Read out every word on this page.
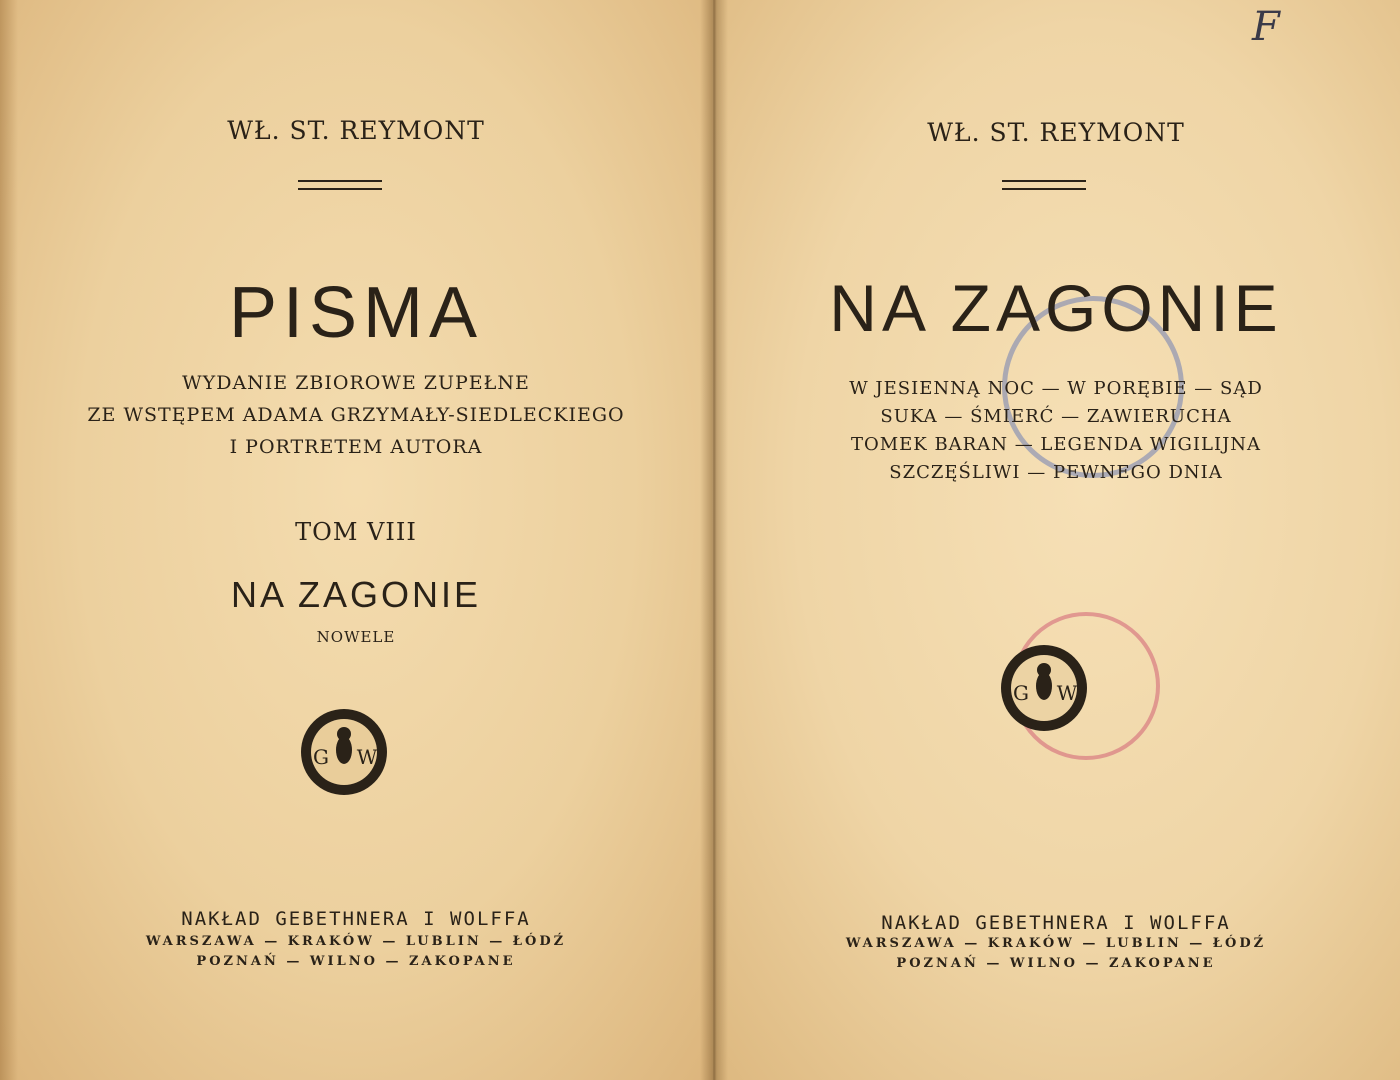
WŁ. ST. REYMONT
PISMA
WYDANIE ZBIOROWE ZUPEŁNE
ZE WSTĘPEM ADAMA GRZYMAŁY-SIEDLECKIEGO
I PORTRETEM AUTORA
TOM VIII
NA ZAGONIE
NOWELE
G W
NAKŁAD GEBETHNERA I WOLFFA
WARSZAWA — KRAKÓW — LUBLIN — ŁÓDŹ
POZNAŃ — WILNO — ZAKOPANE
F
WŁ. ST. REYMONT
NA ZAGONIE
W JESIENNĄ NOC — W PORĘBIE — SĄD
SUKA — ŚMIERĆ — ZAWIERUCHA
TOMEK BARAN — LEGENDA WIGILIJNA
SZCZĘŚLIWI — PEWNEGO DNIA
G W
NAKŁAD GEBETHNERA I WOLFFA
WARSZAWA — KRAKÓW — LUBLIN — ŁÓDŹ
POZNAŃ — WILNO — ZAKOPANE
